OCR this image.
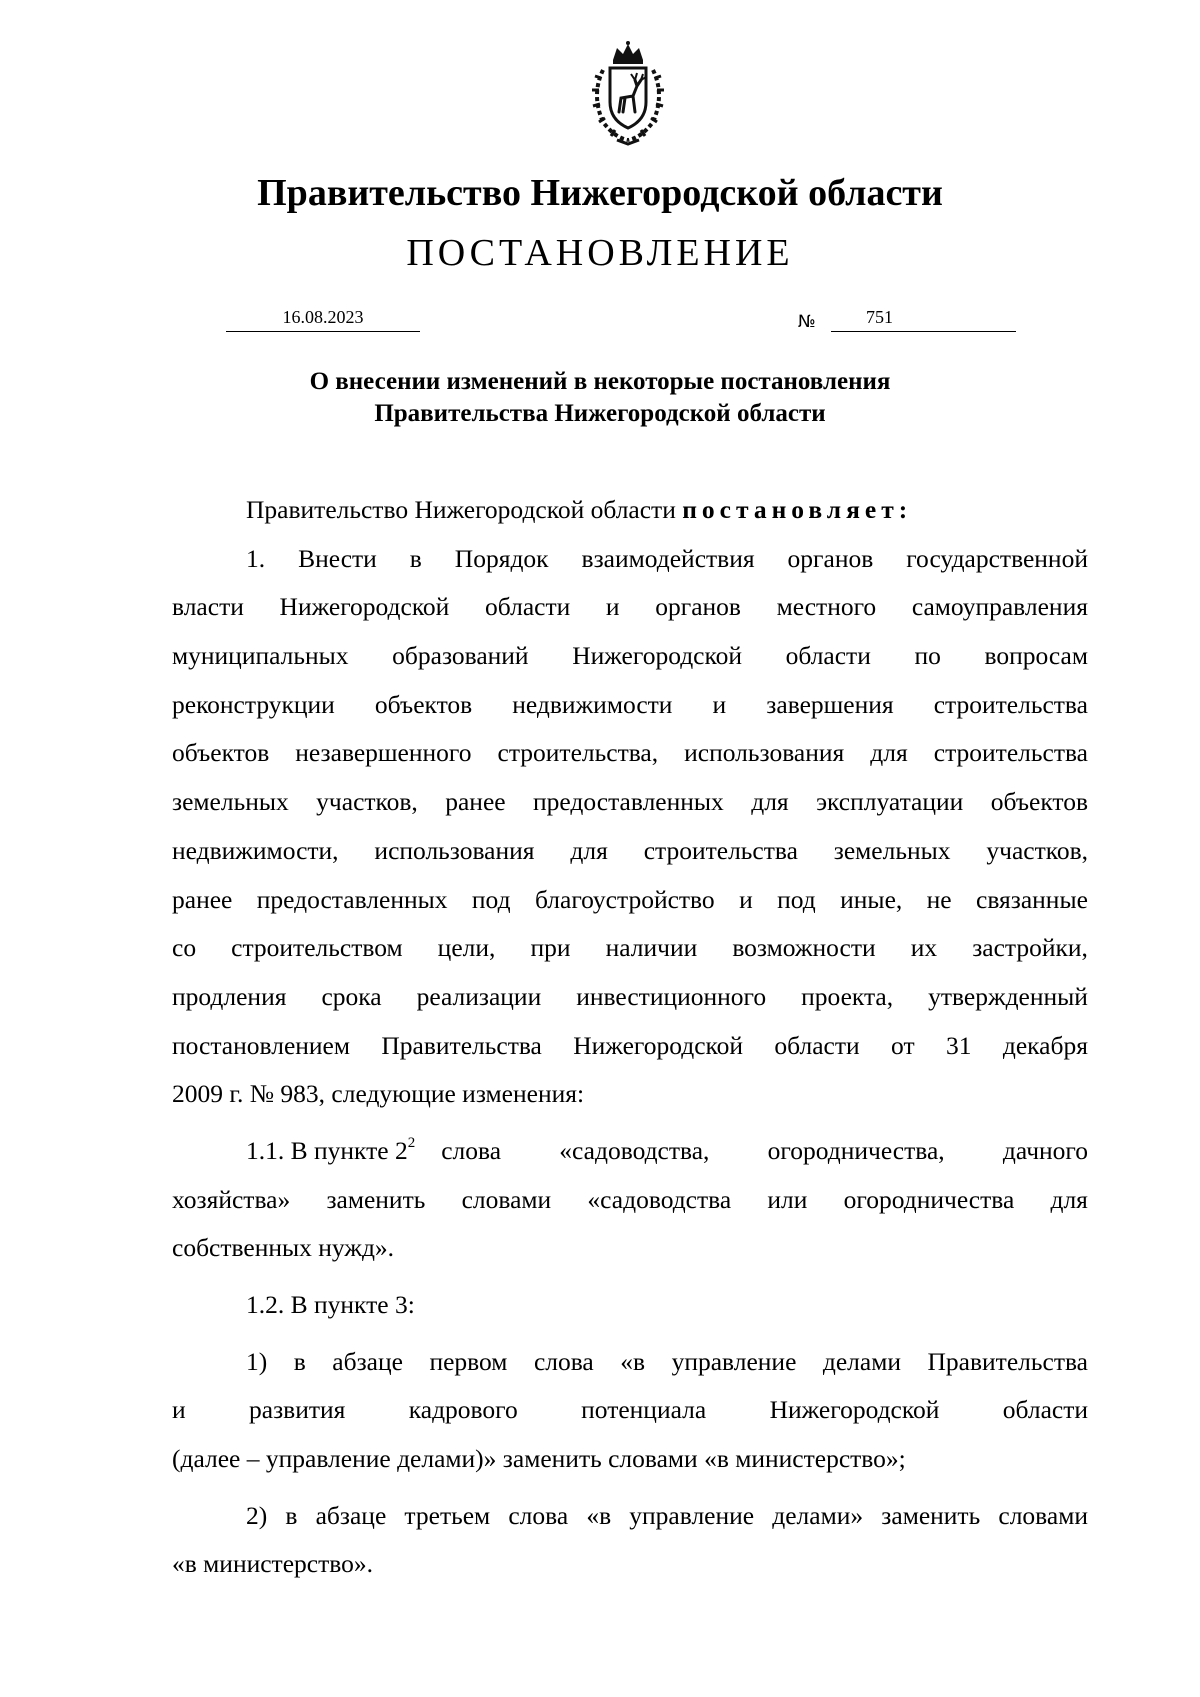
Правительство Нижегородской области
ПОСТАНОВЛЕНИЕ
16.08.2023	№	751
О внесении изменений в некоторые постановления
Правительства Нижегородской области
Правительство Нижегородской области постановляет:
1. Внести в Порядок взаимодействия органов государственной
власти Нижегородской области и органов местного самоуправления
муниципальных образований Нижегородской области по вопросам
реконструкции объектов недвижимости и завершения строительства
объектов незавершенного строительства, использования для строительства
земельных участков, ранее предоставленных для эксплуатации объектов
недвижимости, использования для строительства земельных участков,
ранее предоставленных под благоустройство и под иные, не связанные
со строительством цели, при наличии возможности их застройки,
продления срока реализации инвестиционного проекта, утвержденный
постановлением Правительства Нижегородской области от 31 декабря
2009 г. № 983, следующие изменения:
1.1. В пункте $2^2$ слова «садоводства, огородничества, дачного
хозяйства» заменить словами «садоводства или огородничества для
собственных нужд».
1.2. В пункте 3:
1) в абзаце первом слова «в управление делами Правительства
и развития кадрового потенциала Нижегородской области
(далее – управление делами)» заменить словами «в министерство»;
2) в абзаце третьем слова «в управление делами» заменить словами
«в министерство».
